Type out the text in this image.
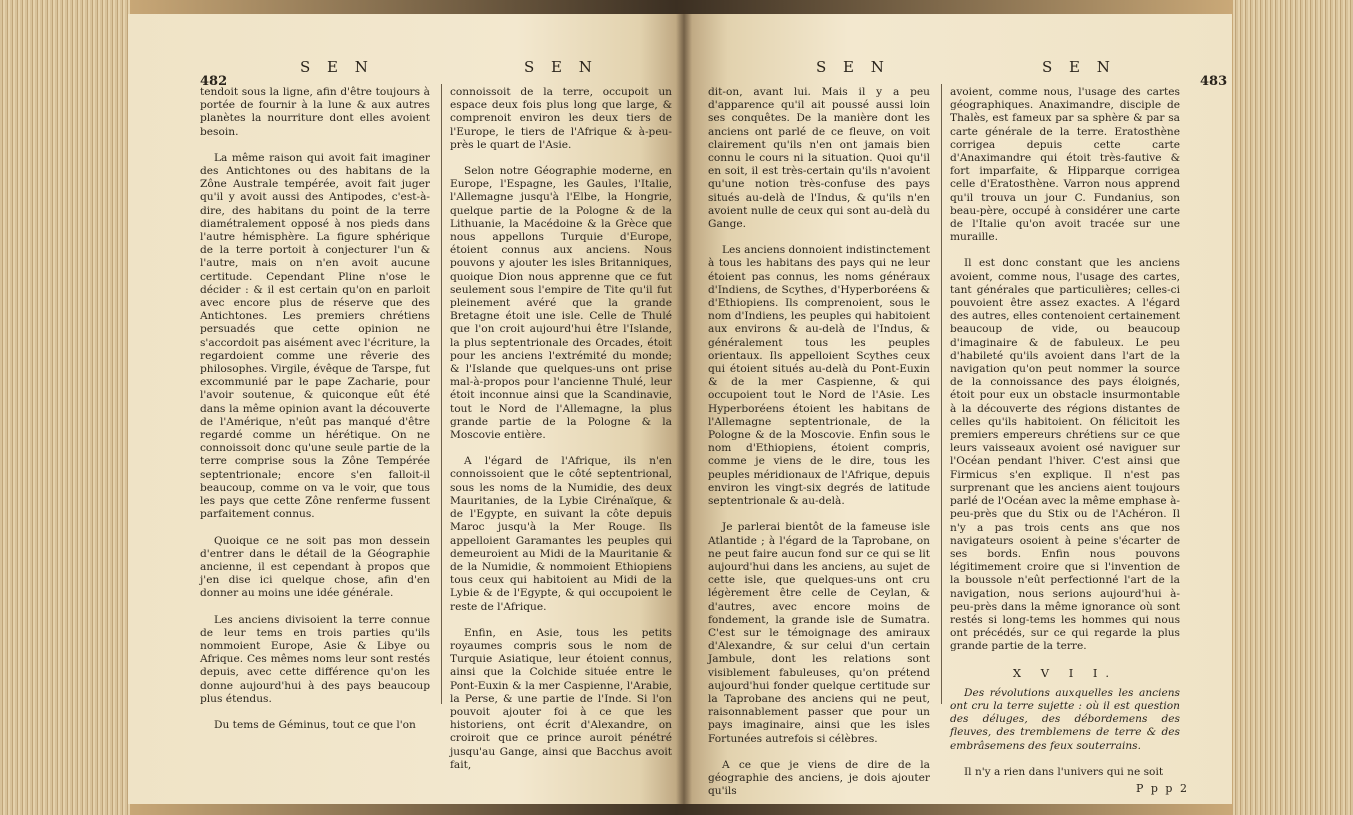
482
S E N	S E N

tendoit sous la ligne, afin d'être toujours à portée de fournir à la lune & aux autres planètes la nourriture dont elles avoient besoin.

La même raison qui avoit fait imaginer des Antichtones ou des habitans de la Zône Australe tempérée, avoit fait juger qu'il y avoit aussi des Antipodes, c'est-à-dire, des habitans du point de la terre diamétralement opposé à nos pieds dans l'autre hémisphère. La figure sphérique de la terre portoit à conjecturer l'un & l'autre, mais on n'en avoit aucune certitude. Cependant Pline n'ose le décider : & il est certain qu'on en parloit avec encore plus de réserve que des Antichtones. Les premiers chrétiens persuadés que cette opinion ne s'accordoit pas aisément avec l'écriture, la regardoient comme une rêverie des philosophes. Virgile, évêque de Tarspe, fut excommunié par le pape Zacharie, pour l'avoir soutenue, & quiconque eût été dans la même opinion avant la découverte de l'Amérique, n'eût pas manqué d'être regardé comme un hérétique. On ne connoissoit donc qu'une seule partie de la terre comprise sous la Zône Tempérée septentrionale; encore s'en falloit-il beaucoup, comme on va le voir, que tous les pays que cette Zône renferme fussent parfaitement connus.

Quoique ce ne soit pas mon dessein d'entrer dans le détail de la Géographie ancienne, il est cependant à propos que j'en dise ici quelque chose, afin d'en donner au moins une idée générale.

Les anciens divisoient la terre connue de leur tems en trois parties qu'ils nommoient Europe, Asie & Libye ou Afrique. Ces mêmes noms leur sont restés depuis, avec cette différence qu'on les donne aujourd'hui à des pays beaucoup plus étendus.

Du tems de Géminus, tout ce que l'on

connoissoit de la terre, occupoit un espace deux fois plus long que large, & comprenoit environ les deux tiers de l'Europe, le tiers de l'Afrique & à-peu-près le quart de l'Asie.

Selon notre Géographie moderne, en Europe, l'Espagne, les Gaules, l'Italie, l'Allemagne jusqu'à l'Elbe, la Hongrie, quelque partie de la Pologne & de la Lithuanie, la Macédoine & la Grèce que nous appellons Turquie d'Europe, étoient connus aux anciens. Nous pouvons y ajouter les isles Britanniques, quoique Dion nous apprenne que ce fut seulement sous l'empire de Tite qu'il fut pleinement avéré que la grande Bretagne étoit une isle. Celle de Thulé que l'on croit aujourd'hui être l'Islande, la plus septentrionale des Orcades, étoit pour les anciens l'extrémité du monde; & l'Islande que quelques-uns ont prise mal-à-propos pour l'ancienne Thulé, leur étoit inconnue ainsi que la Scandinavie, tout le Nord de l'Allemagne, la plus grande partie de la Pologne & la Moscovie entière.

A l'égard de l'Afrique, ils n'en connoissoient que le côté septentrional, sous les noms de la Numidie, des deux Mauritanies, de la Lybie Cirénaïque, & de l'Egypte, en suivant la côte depuis Maroc jusqu'à la Mer Rouge. Ils appelloient Garamantes les peuples qui demeuroient au Midi de la Mauritanie & de la Numidie, & nommoient Ethiopiens tous ceux qui habitoient au Midi de la Lybie & de l'Egypte, & qui occupoient le reste de l'Afrique.

Enfin, en Asie, tous les petits royaumes compris sous le nom de Turquie Asiatique, leur étoient connus, ainsi que la Colchide située entre le Pont-Euxin & la mer Caspienne, l'Arabie, la Perse, & une partie de l'Inde. Si l'on pouvoit ajouter foi à ce que les historiens, ont écrit d'Alexandre, on croiroit que ce prince auroit pénétré jusqu'au Gange, ainsi que Bacchus avoit fait,

S E N	S E N
483

dit-on, avant lui. Mais il y a peu d'apparence qu'il ait poussé aussi loin ses conquêtes. De la manière dont les anciens ont parlé de ce fleuve, on voit clairement qu'ils n'en ont jamais bien connu le cours ni la situation. Quoi qu'il en soit, il est très-certain qu'ils n'avoient qu'une notion très-confuse des pays situés au-delà de l'Indus, & qu'ils n'en avoient nulle de ceux qui sont au-delà du Gange.

Les anciens donnoient indistinctement à tous les habitans des pays qui ne leur étoient pas connus, les noms généraux d'Indiens, de Scythes, d'Hyperboréens & d'Ethiopiens. Ils comprenoient, sous le nom d'Indiens, les peuples qui habitoient aux environs & au-delà de l'Indus, & généralement tous les peuples orientaux. Ils appelloient Scythes ceux qui étoient situés au-delà du Pont-Euxin & de la mer Caspienne, & qui occupoient tout le Nord de l'Asie. Les Hyperboréens étoient les habitans de l'Allemagne septentrionale, de la Pologne & de la Moscovie. Enfin sous le nom d'Ethiopiens, étoient compris, comme je viens de le dire, tous les peuples méridionaux de l'Afrique, depuis environ les vingt-six degrés de latitude septentrionale & au-delà.

Je parlerai bientôt de la fameuse isle Atlantide ; à l'égard de la Taprobane, on ne peut faire aucun fond sur ce qui se lit aujourd'hui dans les anciens, au sujet de cette isle, que quelques-uns ont cru légèrement être celle de Ceylan, & d'autres, avec encore moins de fondement, la grande isle de Sumatra. C'est sur le témoignage des amiraux d'Alexandre, & sur celui d'un certain Jambule, dont les relations sont visiblement fabuleuses, qu'on prétend aujourd'hui fonder quelque certitude sur la Taprobane des anciens qui ne peut, raisonnablement passer que pour un pays imaginaire, ainsi que les isles Fortunées autrefois si célèbres.

A ce que je viens de dire de la géographie des anciens, je dois ajouter qu'ils

avoient, comme nous, l'usage des cartes géographiques. Anaximandre, disciple de Thalès, est fameux par sa sphère & par sa carte générale de la terre. Eratosthène corrigea depuis cette carte d'Anaximandre qui étoit très-fautive & fort imparfaite, & Hipparque corrigea celle d'Eratosthène. Varron nous apprend qu'il trouva un jour C. Fundanius, son beau-père, occupé à considérer une carte de l'Italie qu'on avoit tracée sur une muraille.

Il est donc constant que les anciens avoient, comme nous, l'usage des cartes, tant générales que particulières; celles-ci pouvoient être assez exactes. A l'égard des autres, elles contenoient certainement beaucoup de vide, ou beaucoup d'imaginaire & de fabuleux. Le peu d'habileté qu'ils avoient dans l'art de la navigation qu'on peut nommer la source de la connoissance des pays éloignés, étoit pour eux un obstacle insurmontable à la découverte des régions distantes de celles qu'ils habitoient. On félicitoit les premiers empereurs chrétiens sur ce que leurs vaisseaux avoient osé naviguer sur l'Océan pendant l'hiver. C'est ainsi que Firmicus s'en explique. Il n'est pas surprenant que les anciens aient toujours parlé de l'Océan avec la même emphase à-peu-près que du Stix ou de l'Achéron. Il n'y a pas trois cents ans que nos navigateurs osoient à peine s'écarter de ses bords. Enfin nous pouvons légitimement croire que si l'invention de la boussole n'eût perfectionné l'art de la navigation, nous serions aujourd'hui à-peu-près dans la même ignorance où sont restés si long-tems les hommes qui nous ont précédés, sur ce qui regarde la plus grande partie de la terre.

X V I I.

Des révolutions auxquelles les anciens ont cru la terre sujette : où il est question des déluges, des débordemens des fleuves, des tremblemens de terre & des embrâsemens des feux souterrains.

Il n'y a rien dans l'univers qui ne soit

P p p 2
